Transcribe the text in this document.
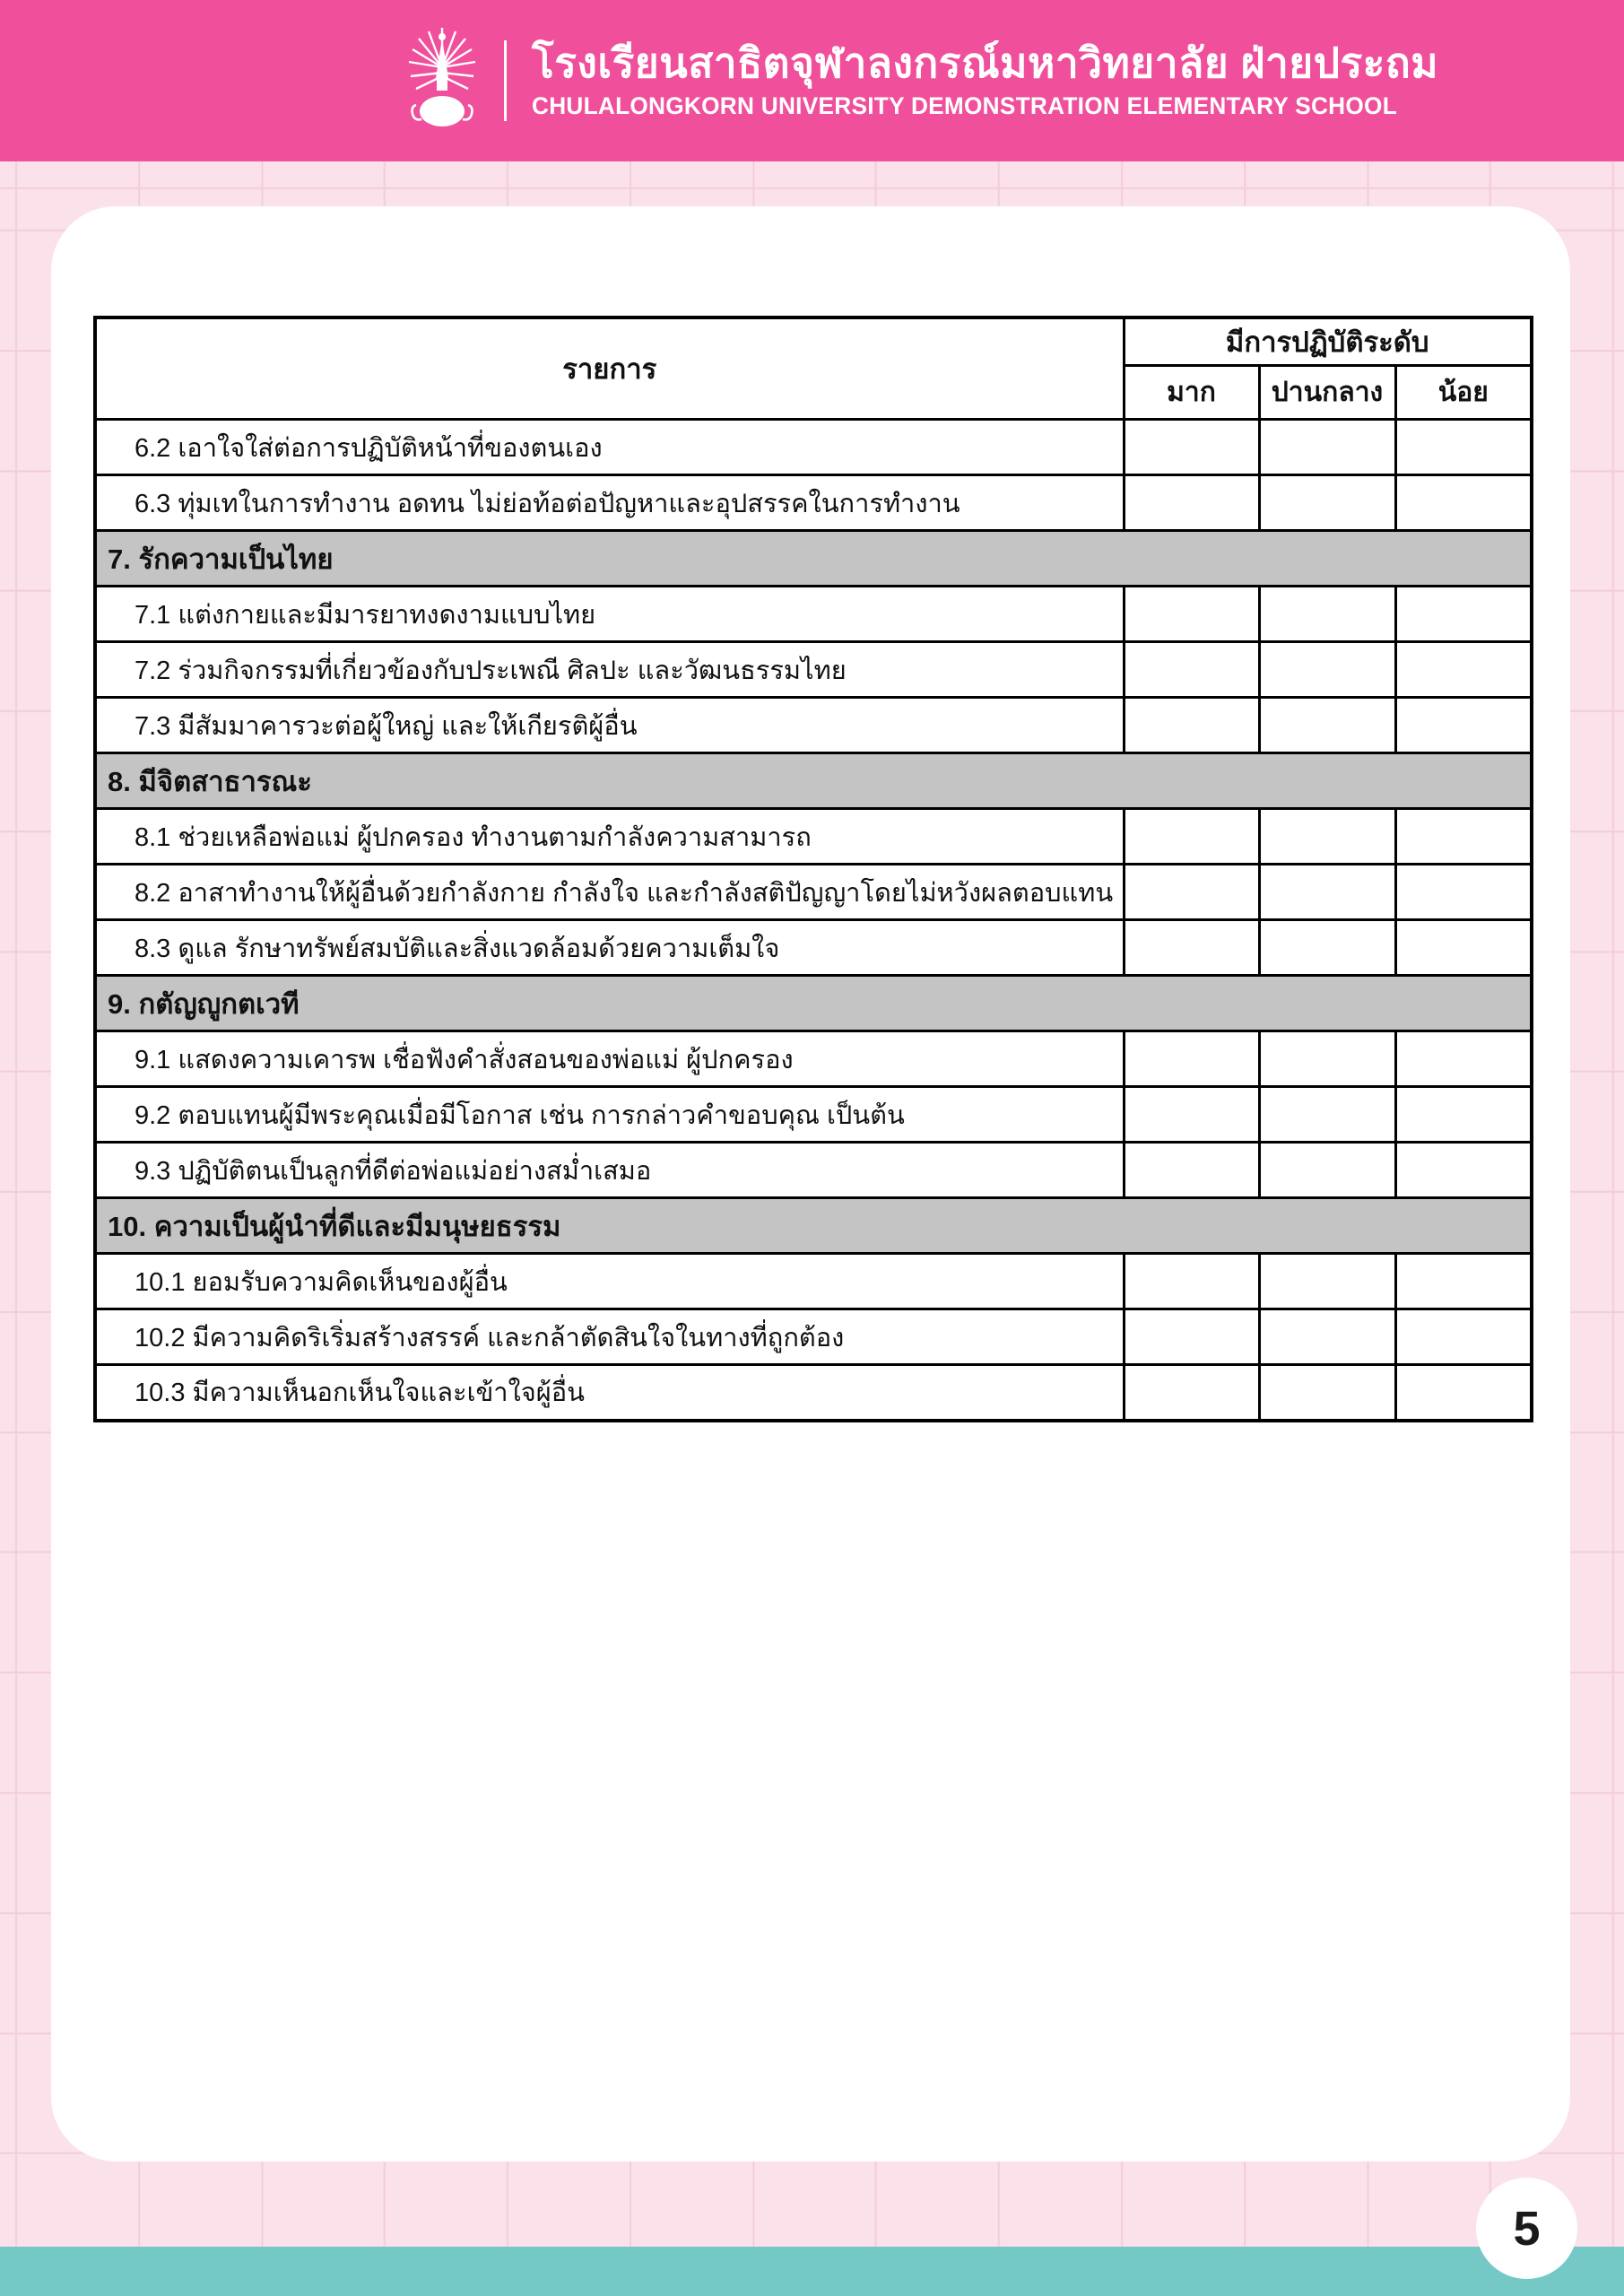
โรงเรียนสาธิตจุฬาลงกรณ์มหาวิทยาลัย ฝ่ายประถม
CHULALONGKORN UNIVERSITY DEMONSTRATION ELEMENTARY SCHOOL
รายการ	มีการปฏิบัติระดับ		
	มาก	ปานกลาง	น้อย
6.2 เอาใจใส่ต่อการปฏิบัติหน้าที่ของตนเอง			
6.3 ทุ่มเทในการทำงาน อดทน ไม่ย่อท้อต่อปัญหาและอุปสรรคในการทำงาน			
7. รักความเป็นไทย			
7.1 แต่งกายและมีมารยาทงดงามแบบไทย			
7.2 ร่วมกิจกรรมที่เกี่ยวข้องกับประเพณี ศิลปะ และวัฒนธรรมไทย			
7.3 มีสัมมาคารวะต่อผู้ใหญ่ และให้เกียรติผู้อื่น			
8. มีจิตสาธารณะ			
8.1 ช่วยเหลือพ่อแม่ ผู้ปกครอง ทำงานตามกำลังความสามารถ			
8.2 อาสาทำงานให้ผู้อื่นด้วยกำลังกาย กำลังใจ และกำลังสติปัญญาโดยไม่หวังผลตอบแทน			
8.3 ดูแล รักษาทรัพย์สมบัติและสิ่งแวดล้อมด้วยความเต็มใจ			
9. กตัญญูกตเวที			
9.1 แสดงความเคารพ เชื่อฟังคำสั่งสอนของพ่อแม่ ผู้ปกครอง			
9.2 ตอบแทนผู้มีพระคุณเมื่อมีโอกาส เช่น การกล่าวคำขอบคุณ เป็นต้น			
9.3 ปฏิบัติตนเป็นลูกที่ดีต่อพ่อแม่อย่างสม่ำเสมอ			
10. ความเป็นผู้นำที่ดีและมีมนุษยธรรม			
10.1 ยอมรับความคิดเห็นของผู้อื่น			
10.2 มีความคิดริเริ่มสร้างสรรค์ และกล้าตัดสินใจในทางที่ถูกต้อง			
10.3 มีความเห็นอกเห็นใจและเข้าใจผู้อื่น			
5
